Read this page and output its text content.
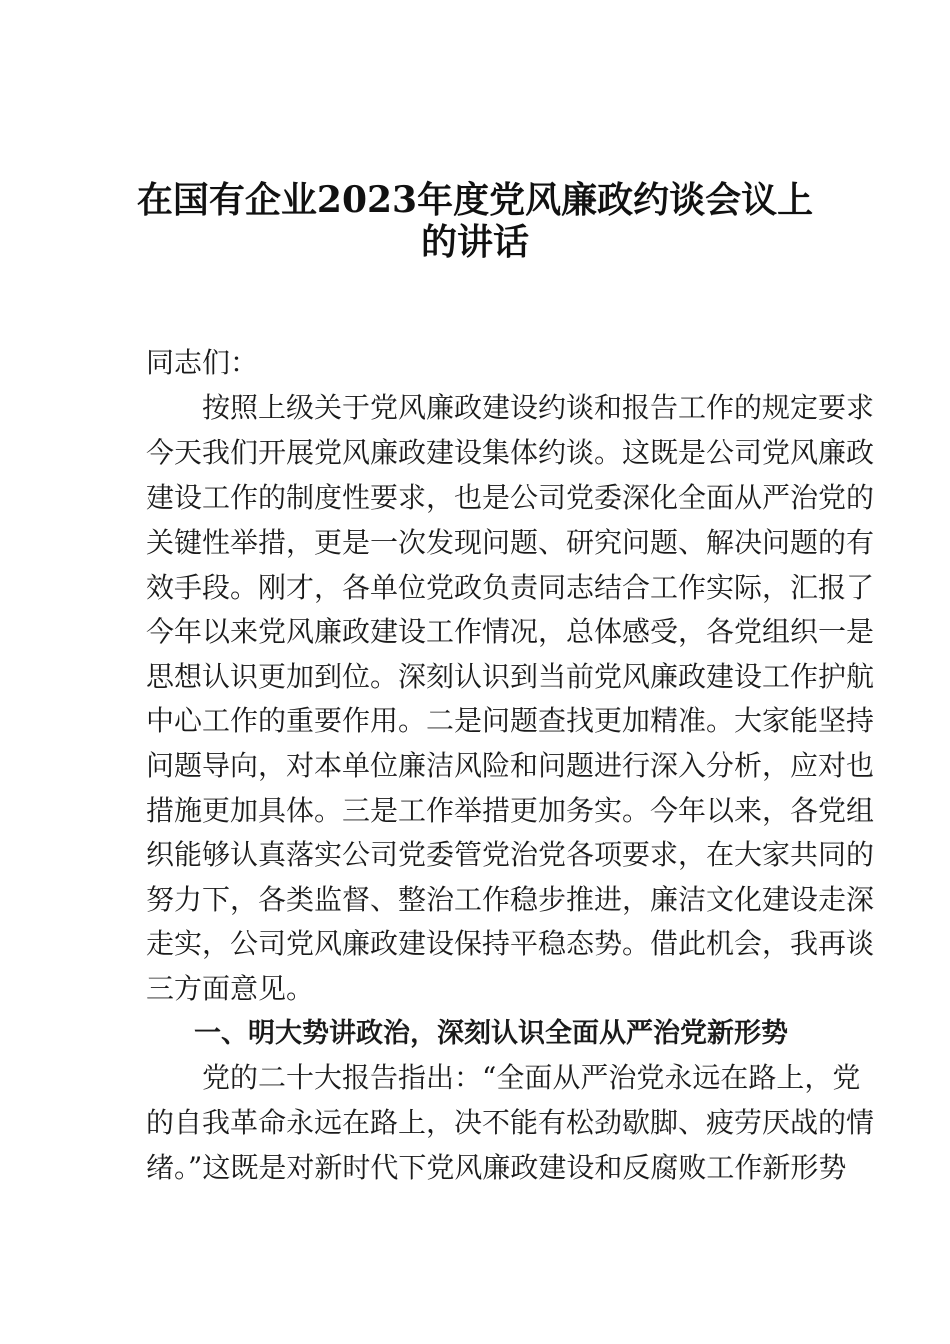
在国有企业2023年度党风廉政约谈会议上
的讲话

同志们：

按照上级关于党风廉政建设约谈和报告工作的规定要求

今天我们开展党风廉政建设集体约谈。这既是公司党风廉政

建设工作的制度性要求，也是公司党委深化全面从严治党的

关键性举措，更是一次发现问题、研究问题、解决问题的有

效手段。刚才，各单位党政负责同志结合工作实际，汇报了

今年以来党风廉政建设工作情况，总体感受，各党组织一是

思想认识更加到位。深刻认识到当前党风廉政建设工作护航

中心工作的重要作用。二是问题查找更加精准。大家能坚持

问题导向，对本单位廉洁风险和问题进行深入分析，应对也

措施更加具体。三是工作举措更加务实。今年以来，各党组

织能够认真落实公司党委管党治党各项要求，在大家共同的

努力下，各类监督、整治工作稳步推进，廉洁文化建设走深

走实，公司党风廉政建设保持平稳态势。借此机会，我再谈

三方面意见。

一、明大势讲政治，深刻认识全面从严治党新形势

党的二十大报告指出：“全面从严治党永远在路上，党

的自我革命永远在路上，决不能有松劲歇脚、疲劳厌战的情

绪。”这既是对新时代下党风廉政建设和反腐败工作新形势
